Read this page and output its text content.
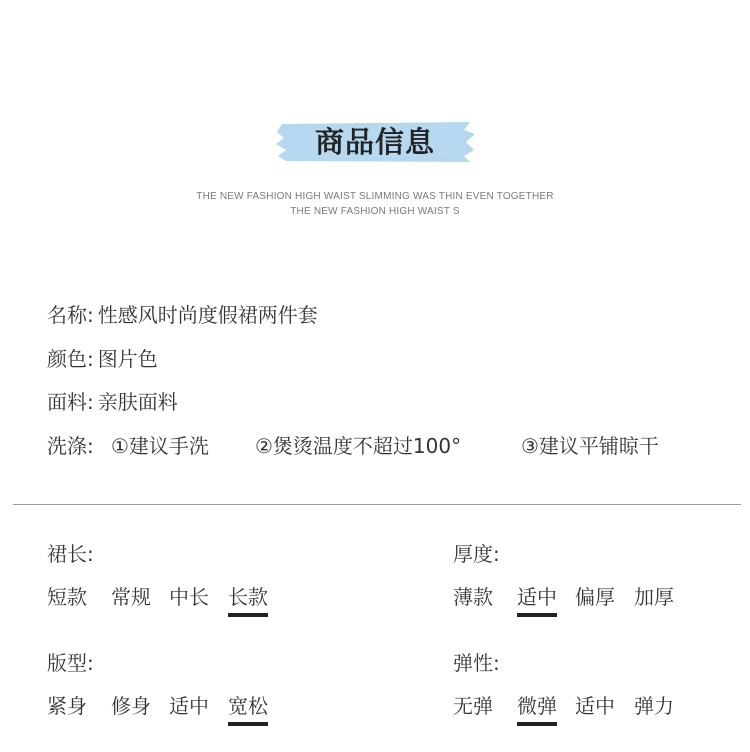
商品信息
THE NEW FASHION HIGH WAIST SLIMMING WAS THIN EVEN TOGETHER
THE NEW FASHION HIGH WAIST S
名称: 性感风时尚度假裙两件套
颜色: 图片色
面料: 亲肤面料
洗涤: ①建议手洗 ②煲烫温度不超过100°	③建议平铺晾干
裙长:
短款 常规 中长 长款
厚度:
薄款 适中 偏厚 加厚
版型:
紧身 修身 适中 宽松
弹性:
无弹 微弹 适中 弹力
